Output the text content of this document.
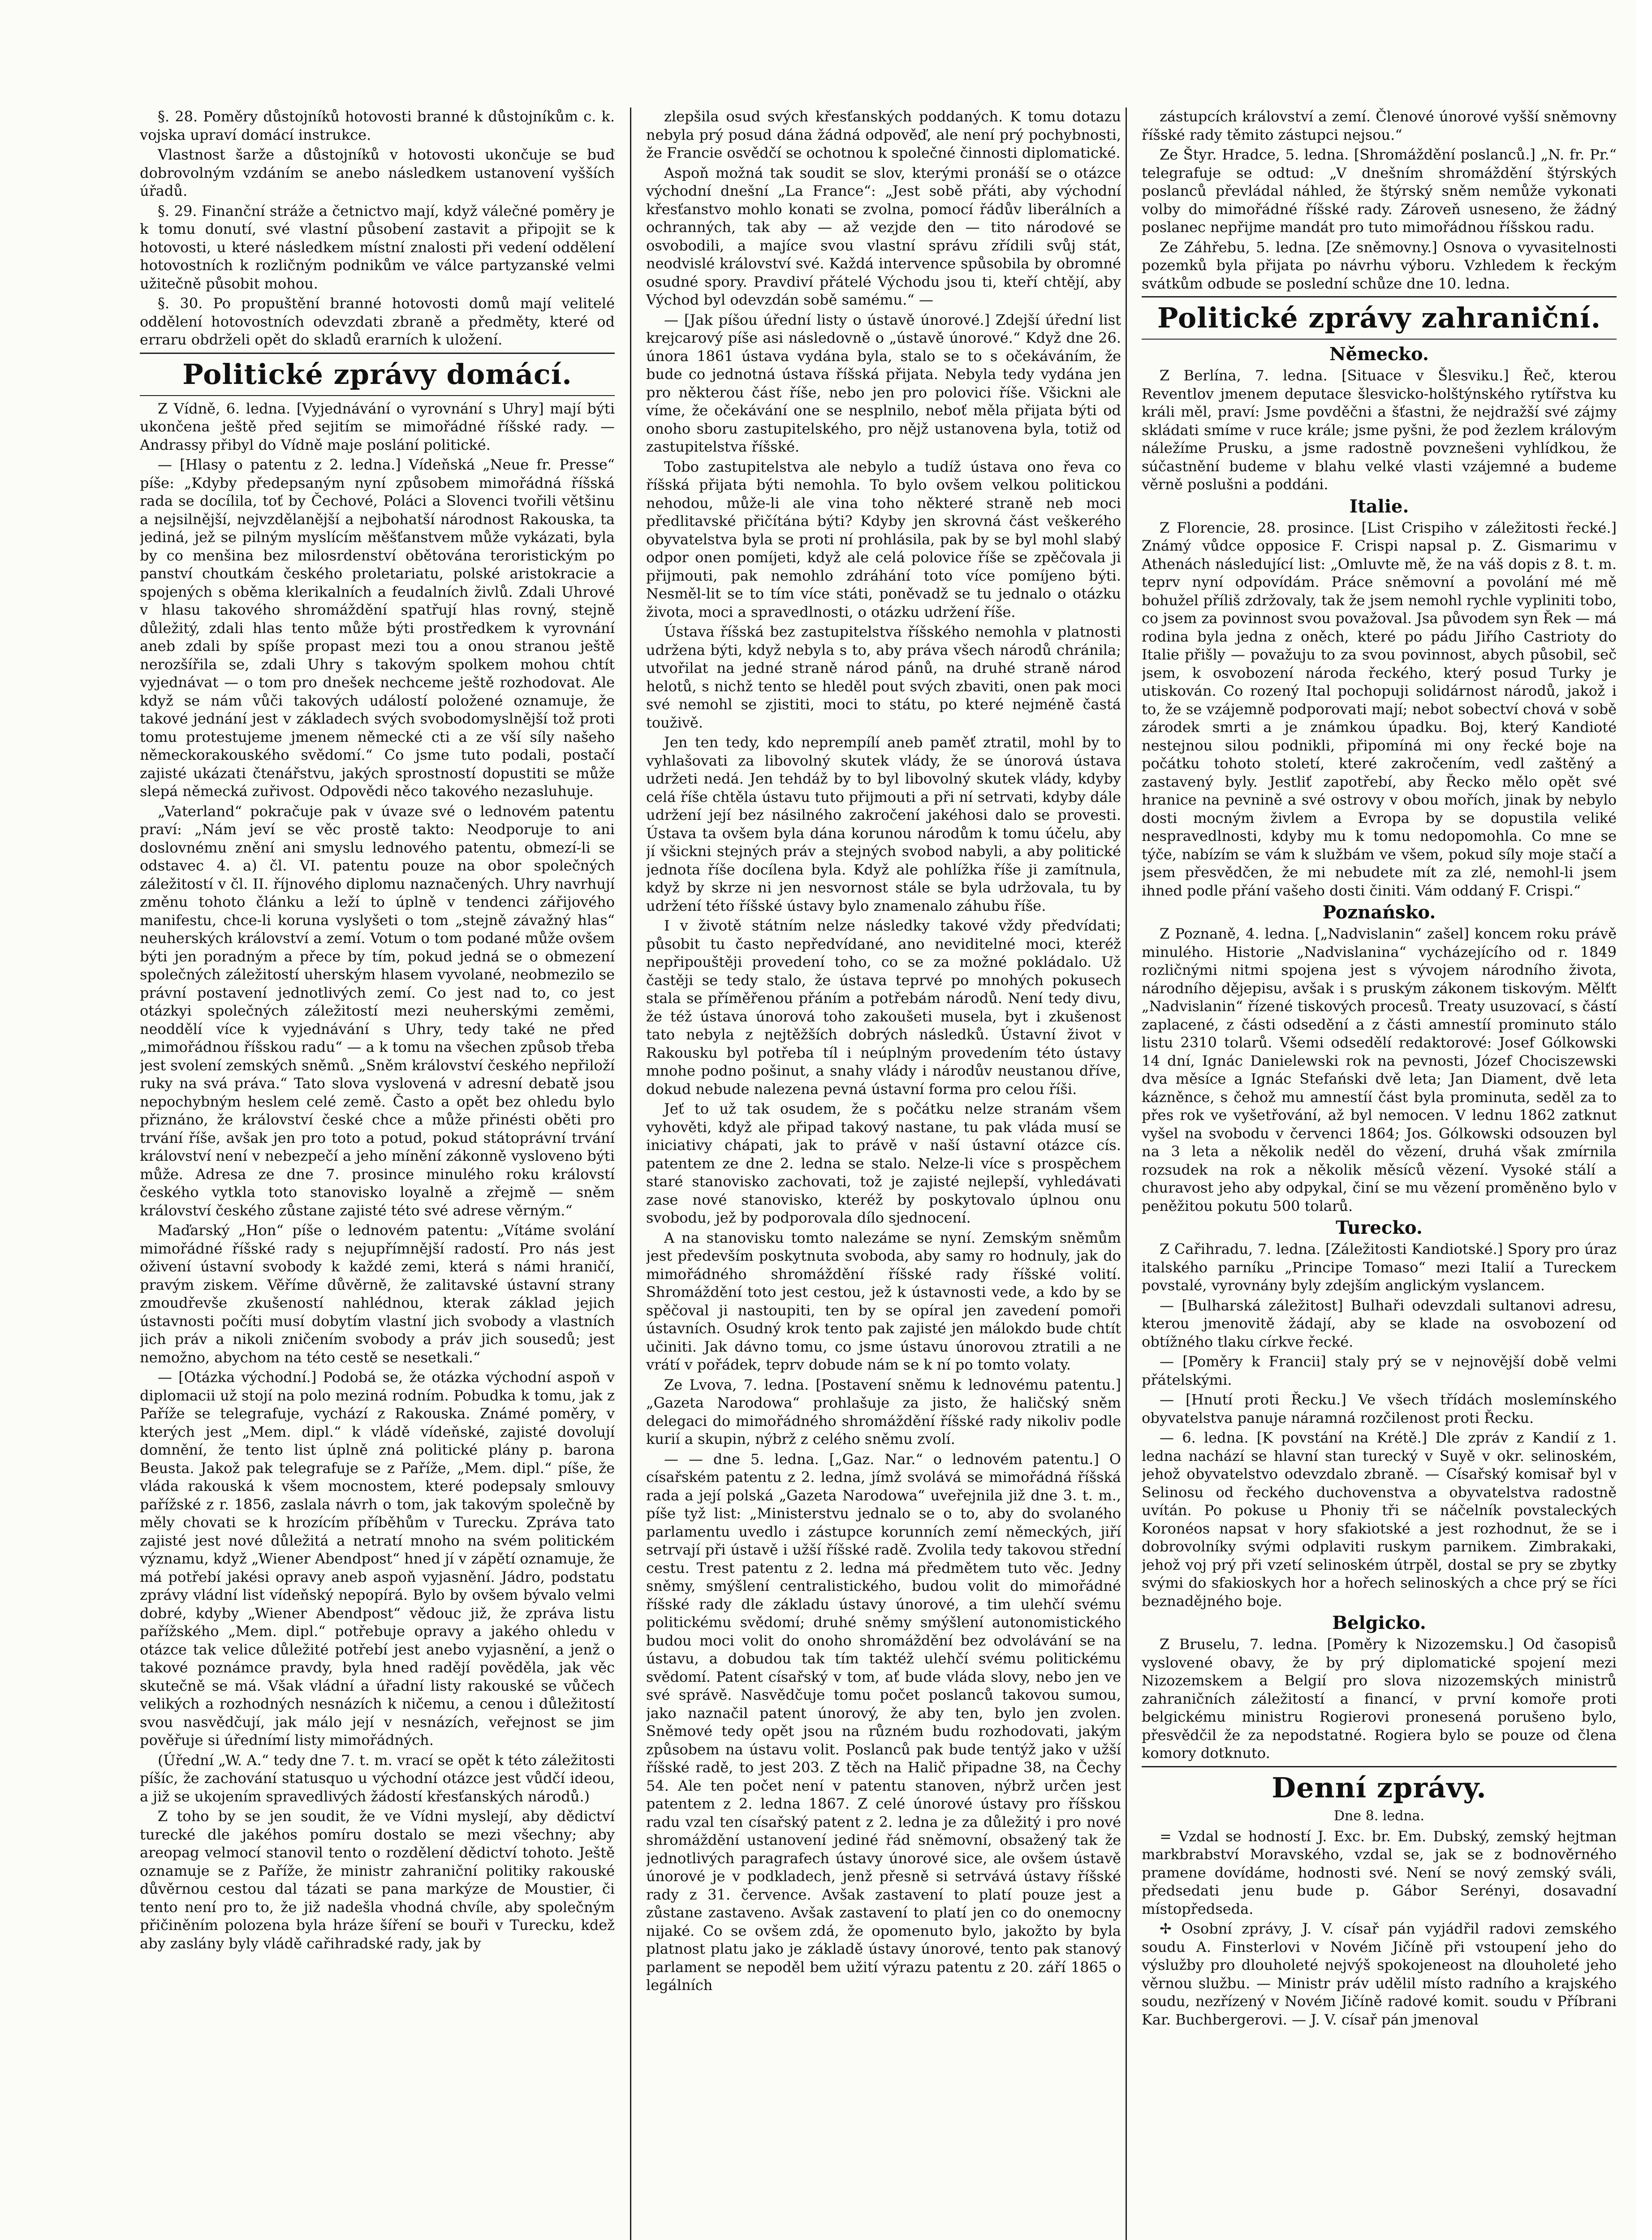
§. 28. Poměry důstojníků hotovosti branné k důstojníkům c. k. vojska upraví domácí instrukce.

Vlastnost šarže a důstojníků v hotovosti ukončuje se buď dobrovolným vzdáním se anebo následkem ustanovení vyšších úřadů.

§. 29. Finanční stráže a četnictvo mají, když válečné poměry je k tomu donutí, své vlastní působení zastavit a připojit se k hotovosti, u které následkem místní znalosti při vedení oddělení hotovostních k rozličným podnikům ve válce partyzanské velmi užitečně působit mohou.

§. 30. Po propuštění branné hotovosti domů mají velitelé oddělení hotovostních odevzdati zbraně a předměty, které od erraru obdrželi opět do skladů erarních k uložení.

Politické zprávy domácí.

Z Vídně, 6. ledna. [Vyjednávání o vyrovnání s Uhry] mají býti ukončena ještě před sejitím se mimořádné říšské rady. — Andrassy přibyl do Vídně maje poslání politické.

— [Hlasy o patentu z 2. ledna.] Vídeňská „Neue fr. Presse“ píše: „Kdyby předepsaným nyní způsobem mimořádná říšská rada se docílila, toť by Čechové, Poláci a Slovenci tvořili většinu a nejsilnější, nejvzdělanější a nejbohatší národnost Rakouska, ta jediná, jež se pilným myslícím měšťanstvem může vykázati, byla by co menšina bez milosrdenství obětována teroristickým po panství choutkám českého proletariatu, polské aristokracie a spojených s oběma klerikalních a feudalních živlů. Zdali Uhrové v hlasu takového shromáždění spatřují hlas rovný, stejně důležitý, zdali hlas tento může býti prostředkem k vyrovnání aneb zdali by spíše propast mezi tou a onou stranou ještě nerozšířila se, zdali Uhry s takovým spolkem mohou chtít vyjednávat — o tom pro dnešek nechceme ještě rozhodovat. Ale když se nám vůči takových událostí položené oznamuje, že takové jednání jest v základech svých svobodomyslnější tož proti tomu protestujeme jmenem německé cti a ze vší síly našeho německorakouského svědomí.“ Co jsme tuto podali, postačí zajisté ukázati čtenářstvu, jakých sprostností dopustiti se může slepá německá zuřivost. Odpovědi něco takového nezasluhuje.

„Vaterland“ pokračuje pak v úvaze své o lednovém patentu praví: „Nám jeví se věc prostě takto: Neodporuje to ani doslovnému znění ani smyslu lednového patentu, obmezí-li se odstavec 4. a) čl. VI. patentu pouze na obor společných záležitostí v čl. II. říjnového diplomu naznačených. Uhry navrhují změnu tohoto článku a leží to úplně v tendenci zářijového manifestu, chce-li koruna vyslyšeti o tom „stejně závažný hlas“ neuherských království a zemí. Votum o tom podané může ovšem býti jen poradným a přece by tím, pokud jedná se o obmezení společných záležitostí uherským hlasem vyvolané, neobmezilo se právní postavení jednotlivých zemí. Co jest nad to, co jest otázkyi společných záležitostí mezi neuherskými zeměmi, neoddělí více k vyjednávání s Uhry, tedy také ne před „mimořádnou říšskou radu“ — a k tomu na všechen způsob třeba jest svolení zemských sněmů. „Sněm království českého nepřiloží ruky na svá práva.“ Tato slova vyslovená v adresní debatě jsou nepochybným heslem celé země. Často a opět bez ohledu bylo přiznáno, že království české chce a může přinésti oběti pro trvání říše, avšak jen pro toto a potud, pokud státoprávní trvání království není v nebezpečí a jeho mínění zákonně vysloveno býti může. Adresa ze dne 7. prosince minulého roku královstí českého vytkla toto stanovisko loyalně a zřejmě — sněm království českého zůstane zajisté této své adrese věrným.“

Maďarský „Hon“ píše o lednovém patentu: „Vítáme svolání mimořádné říšské rady s nejupřímnější radostí. Pro nás jest oživení ústavní svobody k každé zemi, která s námi hraničí, pravým ziskem. Věříme důvěrně, že zalitavské ústavní strany zmoudřevše zkušeností nahlédnou, kterak základ jejich ústavnosti počíti musí dobytím vlastní jich svobody a vlastních jich práv a nikoli zničením svobody a práv jich sousedů; jest nemožno, abychom na této cestě se nesetkali.“

— [Otázka východní.] Podobá se, že otázka východní aspoň v diplomacii už stojí na polo meziná rodním. Pobudka k tomu, jak z Paříže se telegrafuje, vychází z Rakouska. Známé poměry, v kterých jest „Mem. dipl.“ k vládě vídeňské, zajisté dovolují domnění, že tento list úplně zná politické plány p. barona Beusta. Jakož pak telegrafuje se z Paříže, „Mem. dipl.“ píše, že vláda rakouská k všem mocnostem, které podepsaly smlouvy pařížské z r. 1856, zaslala návrh o tom, jak takovým společně by měly chovati se k hrozícím příběhům v Turecku. Zpráva tato zajisté jest nové důležitá a netratí mnoho na svém politickém významu, když „Wiener Abendpost“ hned jí v zápětí oznamuje, že má potřebí jakési opravy aneb aspoň vyjasnění. Jádro, podstatu zprávy vládní list vídeňský nepopírá. Bylo by ovšem bývalo velmi dobré, kdyby „Wiener Abendpost“ vědouc již, že zpráva listu pařížského „Mem. dipl.“ potřebuje opravy a jakého ohledu v otázce tak velice důležité potřebí jest anebo vyjasnění, a jenž o takové poznámce pravdy, byla hned radějí pověděla, jak věc skutečně se má. Však vládní a úřadní listy rakouské se vůčech velikých a rozhodných nesnázích k ničemu, a cenou i důležitostí svou nasvědčují, jak málo její v nesnázích, veřejnost se jim pověřuje si úřednímí listy mimořádných.

(Úřední „W. A.“ tedy dne 7. t. m. vrací se opět k této záležitosti píšíc, že zachování statusquo u východní otázce jest vůdčí ideou, a již se ukojením spravedlivých žádostí křesťanských národů.)

Z toho by se jen soudit, že ve Vídni myslejí, aby dědictví turecké dle jakéhos pomíru dostalo se mezi všechny; aby areopag velmocí stanovil tento o rozdělení dědictví tohoto. Ještě oznamuje se z Paříže, že ministr zahraniční politiky rakouské důvěrnou cestou dal tázati se pana markýze de Moustier, či tento není pro to, že již nadešla vhodná chvíle, aby společným přičiněním polozena byla hráze šíření se bouři v Turecku, kdež aby zaslány byly vládě cařihradské rady, jak by

zlepšila osud svých křesťanských poddaných. K tomu dotazu nebyla prý posud dána žádná odpověď, ale není prý pochybnosti, že Francie osvědčí se ochotnou k společné činnosti diplomatické.

Aspoň možná tak soudit se slov, kterými pronáší se o otázce východní dnešní „La France“: „Jest sobě přáti, aby východní křesťanstvo mohlo konati se zvolna, pomocí řádův liberálních a ochranných, tak aby — až vezjde den — tito národové se osvobodili, a majíce svou vlastní správu zřídili svůj stát, neodvislé království své. Každá intervence spůsobila by obromné osudné spory. Pravdiví přátelé Východu jsou ti, kteří chtějí, aby Východ byl odevzdán sobě samému.“ —

— [Jak píšou úřední listy o ústavě únorové.] Zdejší úřední list krejcarový píše asi následovně o „ústavě únorové.“ Když dne 26. února 1861 ústava vydána byla, stalo se to s očekáváním, že bude co jednotná ústava říšská přijata. Nebyla tedy vydána jen pro některou část říše, nebo jen pro polovici říše. Všickni ale víme, že očekávání one se nesplnilo, neboť měla přijata býti od onoho sboru zastupitelského, pro nějž ustanovena byla, totiž od zastupitelstva říšské.

Tobo zastupitelstva ale nebylo a tudíž ústava ono řeva co říšská přijata býti nemohla. To bylo ovšem velkou politickou nehodou, může-li ale vina toho některé straně neb moci předlitavské přičítána býti? Kdyby jen skrovná část veškerého obyvatelstva byla se proti ní prohlásila, pak by se byl mohl slabý odpor onen pomíjeti, když ale celá polovice říše se zpěčovala ji přijmouti, pak nemohlo zdráhání toto více pomíjeno býti. Nesměl-lit se to tím více státi, poněvadž se tu jednalo o otázku života, moci a spravedlnosti, o otázku udržení říše.

Ústava říšská bez zastupitelstva říšského nemohla v platnosti udržena býti, když nebyla s to, aby práva všech národů chránila; utvořilat na jedné straně národ pánů, na druhé straně národ helotů, s nichž tento se hleděl pout svých zbaviti, onen pak moci své nemohl se zjistiti, moci to státu, po které nejméně častá touživě.

Jen ten tedy, kdo neprempílí aneb paměť ztratil, mohl by to vyhlašovati za libovolný skutek vlády, že se únorová ústava udržeti nedá. Jen tehdáž by to byl libovolný skutek vlády, kdyby celá říše chtěla ústavu tuto přijmouti a při ní setrvati, kdyby dále udržení její bez násilného zakročení jakéhosi dalo se provesti. Ústava ta ovšem byla dána korunou národům k tomu účelu, aby jí všickni stejných práv a stejných svobod nabyli, a aby politické jednota říše docílena byla. Když ale pohlížka říše ji zamítnula, když by skrze ni jen nesvornost stále se byla udržovala, tu by udržení této říšské ústavy bylo znamenalo záhubu říše.

I v životě státním nelze následky takové vždy předvídati; působit tu často nepředvídané, ano neviditelné moci, kteréž nepřipouštěji provedení toho, co se za možné pokládalo. Už častěji se tedy stalo, že ústava teprvé po mnohých pokusech stala se příměřenou přáním a potřebám národů. Není tedy divu, že též ústava únorová toho zakoušeti musela, byt i zkušenost tato nebyla z nejtěžších dobrých následků. Ústavní život v Rakousku byl potřeba tíl i neúplným provedením této ústavy mnohe podno pošinut, a snahy vlády i národův neustanou dříve, dokud nebude nalezena pevná ústavní forma pro celou říši.

Jeť to už tak osudem, že s počátku nelze stranám všem vyhověti, když ale připad takový nastane, tu pak vláda musí se iniciativy chápati, jak to právě v naší ústavní otázce cís. patentem ze dne 2. ledna se stalo. Nelze-li více s prospěchem staré stanovisko zachovati, tož je zajisté nejlepší, vyhledávati zase nové stanovisko, kteréž by poskytovalo úplnou onu svobodu, jež by podporovala dílo sjednocení.

A na stanovisku tomto nalezáme se nyní. Zemským sněmům jest především poskytnuta svoboda, aby samy ro hodnuly, jak do mimořádného shromáždění říšské rady říšské volití. Shromáždění toto jest cestou, jež k ústavnosti vede, a kdo by se spěčoval ji nastoupiti, ten by se opíral jen zavedení pomoři ústavních. Osudný krok tento pak zajisté jen málokdo bude chtít učiniti. Jak dávno tomu, co jsme ústavu únorovou ztratili a ne vrátí v pořádek, teprv dobude nám se k ní po tomto volaty.

Ze Lvova, 7. ledna. [Postavení sněmu k lednovému patentu.] „Gazeta Narodowa“ prohlašuje za jisto, že haličský sněm delegaci do mimořádného shromáždění říšské rady nikoliv podle kurií a skupin, nýbrž z celého sněmu zvolí.

— — dne 5. ledna. [„Gaz. Nar.“ o lednovém patentu.] O císařském patentu z 2. ledna, jímž svolává se mimořádná říšská rada a její polská „Gazeta Narodowa“ uveřejnila již dne 3. t. m., píše tyž list: „Ministerstvu jednalo se o to, aby do svolaného parlamentu uvedlo i zástupce korunních zemí německých, jiří setrvají při ústavě i užší říšské radě. Zvolila tedy takovou střední cestu. Trest patentu z 2. ledna má předmětem tuto věc. Jedny sněmy, smýšlení centralistického, budou volit do mimořádné říšské rady dle základu ústavy únorové, a tim ulehčí svému politickému svědomí; druhé sněmy smýšlení autonomistického budou moci volit do onoho shromáždění bez odvolávání se na ústavu, a dobudou tak tím taktéž ulehčí svému politickému svědomí. Patent císařský v tom, ať bude vláda slovy, nebo jen ve své správě. Nasvědčuje tomu počet poslanců takovou sumou, jako naznačil patent únorový, že aby ten, bylo jen zvolen. Sněmové tedy opět jsou na různém budu rozhodovati, jakým způsobem na ústavu volit. Poslanců pak bude tentýž jako v užší říšské radě, to jest 203. Z těch na Halič připadne 38, na Čechy 54. Ale ten počet není v patentu stanoven, nýbrž určen jest patentem z 2. ledna 1867. Z celé únorové ústavy pro říšskou radu vzal ten císařský patent z 2. ledna je za důležitý i pro nové shromáždění ustanovení jediné řád sněmovní, obsažený tak že jednotlivých paragrafech ústavy únorové sice, ale ovšem ústavě únorové je v podkladech, jenž přesně si setrvává ústavy říšské rady z 31. července. Avšak zastavení to platí pouze jest a zůstane zastaveno. Avšak zastavení to platí jen co do onemocny nijaké. Co se ovšem zdá, že opomenuto bylo, jakožto by byla platnost platu jako je základě ústavy únorové, tento pak stanový parlament se nepoděl bem užití výrazu patentu z 20. září 1865 o legálních

zástupcích království a zemí. Členové únorové vyšší sněmovny říšské rady těmito zástupci nejsou.“

Ze Štyr. Hradce, 5. ledna. [Shromáždění poslanců.] „N. fr. Pr.“ telegrafuje se odtud: „V dnešním shromáždění štýrských poslanců převládal náhled, že štýrský sněm nemůže vykonati volby do mimořádné říšské rady. Zároveň usneseno, že žádný poslanec nepřijme mandát pro tuto mimořádnou říšskou radu.

Ze Záhřebu, 5. ledna. [Ze sněmovny.] Osnova o vyvasitelnosti pozemků byla přijata po návrhu výboru. Vzhledem k řeckým svátkům odbude se poslední schůze dne 10. ledna.

Politické zprávy zahraniční.
Německo.

Z Berlína, 7. ledna. [Situace v Šlesviku.] Řeč, kterou Reventlov jmenem deputace šlesvicko-holštýnského rytířstva ku králi měl, praví: Jsme povděčni a šťastni, že nejdražší své zájmy skládati smíme v ruce krále; jsme pyšni, že pod žezlem královým náležíme Prusku, a jsme radostně povznešeni vyhlídkou, že súčastnění budeme v blahu velké vlasti vzájemné a budeme věrně poslušni a poddáni.

Italie.

Z Florencie, 28. prosince. [List Crispiho v záležitosti řecké.] Známý vůdce opposice F. Crispi napsal p. Z. Gismarimu v Athenách následující list: „Omluvte mě, že na váš dopis z 8. t. m. teprv nyní odpovídám. Práce sněmovní a povolání mé mě bohužel příliš zdržovaly, tak že jsem nemohl rychle vypliniti tobo, co jsem za povinnost svou považoval. Jsa původem syn Řek — má rodina byla jedna z oněch, které po pádu Jiřího Castrioty do Italie přišly — považuju to za svou povinnost, abych působil, seč jsem, k osvobození národa řeckého, který posud Turky je utiskován. Co rozený Ital pochopuji solidárnost národů, jakož i to, že se vzájemně podporovati mají; nebot sobectví chová v sobě zárodek smrti a je známkou úpadku. Boj, který Kandioté nestejnou silou podnikli, připomíná mi ony řecké boje na počátku tohoto století, které zakročením, vedl zaštěný a zastavený byly. Jestliť zapotřebí, aby Řecko mělo opět své hranice na pevnině a své ostrovy v obou mořích, jinak by nebylo dosti mocným živlem a Evropa by se dopustila veliké nespravedlnosti, kdyby mu k tomu nedopomohla. Co mne se týče, nabízím se vám k službám ve všem, pokud síly moje stačí a jsem přesvědčen, že mi nebudete mít za zlé, nemohl-li jsem ihned podle přání vašeho dosti činiti. Vám oddaný F. Crispi.“

Poznańsko.

Z Poznaně, 4. ledna. [„Nadvislanin“ zašel] koncem roku právě minulého. Historie „Nadvislanina“ vycházejícího od r. 1849 rozličnými nitmi spojena jest s vývojem národního života, národního dějepisu, avšak i s pruským zákonem tiskovým. Mělťt „Nadvislanin“ řízené tiskových procesů. Treaty usuzovací, s částí zaplacené, z části odsedění a z části amnestíí prominuto stálo listu 2310 tolarů. Všemi odsedělí redaktorové: Josef Gólkowski 14 dní, Ignác Danielewski rok na pevnosti, Józef Chociszewski dva měsíce a Ignác Stefański dvě leta; Jan Diament, dvě leta kázněnce, s čehož mu amnestíí část byla prominuta, seděl za to přes rok ve vyšetřování, až byl nemocen. V lednu 1862 zatknut vyšel na svobodu v červenci 1864; Jos. Gólkowski odsouzen byl na 3 leta a několik neděl do vězení, druhá však zmírnila rozsudek na rok a několik měsíců vězení. Vysoké stálí a churavost jeho aby odpykal, činí se mu vězení proměněno bylo v peněžitou pokutu 500 tolarů.

Turecko.

Z Cařihradu, 7. ledna. [Záležitosti Kandiotské.] Spory pro úraz italského parníku „Principe Tomaso“ mezi Italií a Tureckem povstalé, vyrovnány byly zdejším anglickým vyslancem.

— [Bulharská záležitost] Bulhaři odevzdali sultanovi adresu, kterou jmenovitě žádají, aby se klade na osvobození od obtížného tlaku církve řecké.

— [Poměry k Francii] staly prý se v nejnovější době velmi přátelskými.

— [Hnutí proti Řecku.] Ve všech třídách moslemínského obyvatelstva panuje náramná rozčilenost proti Řecku.

— 6. ledna. [K povstání na Krétě.] Dle zpráv z Kandií z 1. ledna nachází se hlavní stan turecký v Suyě v okr. selinoském, jehož obyvatelstvo odevzdalo zbraně. — Císařský komisař byl v Selinosu od řeckého duchovenstva a obyvatelstva radostně uvítán. Po pokuse u Phoniy tři se náčelník povstaleckých Koronéos napsat v hory sfakiotské a jest rozhodnut, že se i dobrovolníky svými odplaviti ruskym parnikem. Zimbrakaki, jehož voj prý při vzetí selinoském útrpěl, dostal se pry se zbytky svými do sfakioskych hor a hořech selinoských a chce prý se říci beznadějného boje.

Belgicko.

Z Bruselu, 7. ledna. [Poměry k Nizozemsku.] Od časopisů vyslovené obavy, že by prý diplomatické spojení mezi Nizozemskem a Belgií pro slova nizozemských ministrů zahraničních záležitostí a financí, v první komoře proti belgickému ministru Rogierovi pronesená porušeno bylo, přesvědčil že za nepodstatné. Rogiera bylo se pouze od člena komory dotknuto.

Denní zprávy.
Dne 8. ledna.

= Vzdal se hodností J. Exc. br. Em. Dubský, zemský hejtman markbrabství Moravského, vzdal se, jak se z bodnověrného pramene dovídáme, hodnosti své. Není se nový zemský sváli, předsedati jenu bude p. Gábor Serényi, dosavadní místopředseda.

✢ Osobní zprávy, J. V. císař pán vyjádřil radovi zemského soudu A. Finsterlovi v Novém Jičíně při vstoupení jeho do výslužby pro dlouholeté nejvýš spokojeneost na dlouholeté jeho věrnou službu. — Ministr práv udělil místo radního a krajského soudu, nezřízený v Novém Jičíně radové komit. soudu v Příbrani Kar. Buchbergerovi. — J. V. císař pán jmenoval
